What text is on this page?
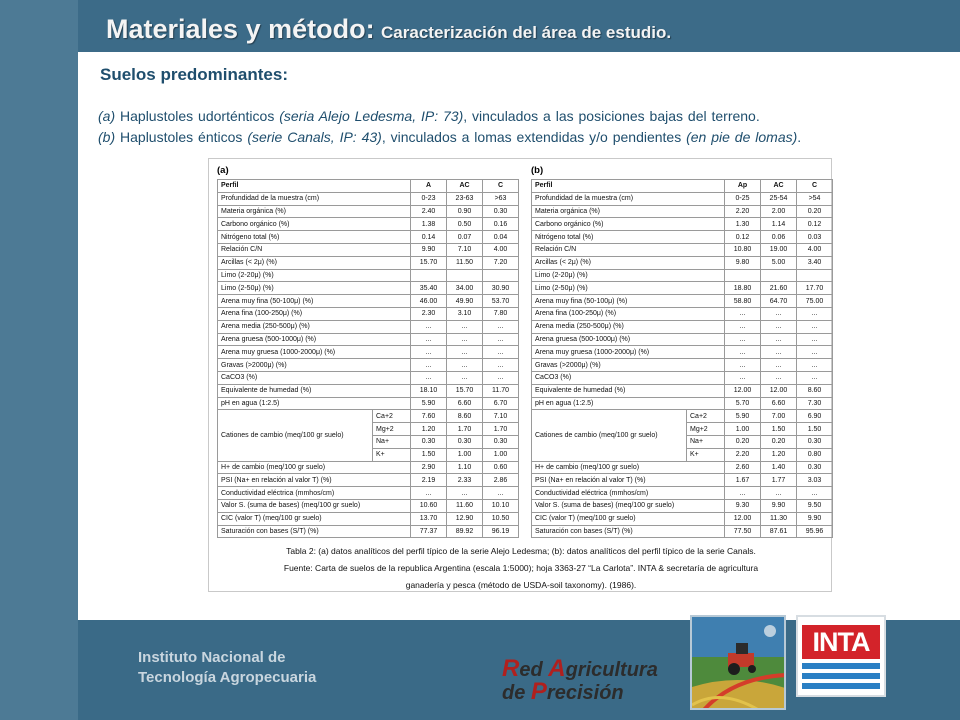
Materiales y método: Caracterización del área de estudio.
Suelos predominantes:
(a) Haplustoles udorténticos (seria Alejo Ledesma, IP: 73), vinculados a las posiciones bajas del terreno.
(b) Haplustoles énticos (serie Canals, IP: 43), vinculados a lomas extendidas y/o pendientes (en pie de lomas).
(a)
Perfil		A	AC	C
Profundidad de la muestra (cm)		0-23	23-63	>63
Materia orgánica (%)		2.40	0.90	0.30
Carbono orgánico (%)		1.38	0.50	0.16
Nitrógeno total (%)		0.14	0.07	0.04
Relación C/N		9.90	7.10	4.00
Arcillas (< 2μ) (%)		15.70	11.50	7.20
Limo (2-20μ) (%)				
Limo (2-50μ) (%)		35.40	34.00	30.90
Arena muy fina (50-100μ) (%)		46.00	49.90	53.70
Arena fina (100-250μ) (%)		2.30	3.10	7.80
Arena media (250-500μ) (%)		...	...	...
Arena gruesa (500-1000μ) (%)		...	...	...
Arena muy gruesa (1000-2000μ) (%)		...	...	...
Gravas (>2000μ) (%)		...	...	...
CaCO3 (%)		...	...	...
Equivalente de humedad (%)		18.10	15.70	11.70
pH en agua (1:2.5)		5.90	6.60	6.70
Cationes de cambio (meq/100 gr suelo)	Ca+2	7.60	8.60	7.10
	Mg+2	1.20	1.70	1.70
	Na+	0.30	0.30	0.30
	K+	1.50	1.00	1.00
H+ de cambio (meq/100 gr suelo)		2.90	1.10	0.60
PSI (Na+ en relación al valor T) (%)		2.19	2.33	2.86
Conductividad eléctrica (mmhos/cm)		...	...	...
Valor S. (suma de bases) (meq/100 gr suelo)		10.60	11.60	10.10
CIC (valor T) (meq/100 gr suelo)		13.70	12.90	10.50
Saturación con bases (S/T) (%)		77.37	89.92	96.19
(b)
Perfil		Ap	AC	C
Profundidad de la muestra (cm)		0-25	25-54	>54
Materia orgánica (%)		2.20	2.00	0.20
Carbono orgánico (%)		1.30	1.14	0.12
Nitrógeno total (%)		0.12	0.06	0.03
Relación C/N		10.80	19.00	4.00
Arcillas (< 2μ) (%)		9.80	5.00	3.40
Limo (2-20μ) (%)				
Limo (2-50μ) (%)		18.80	21.60	17.70
Arena muy fina (50-100μ) (%)		58.80	64.70	75.00
Arena fina (100-250μ) (%)		...	...	...
Arena media (250-500μ) (%)		...	...	...
Arena gruesa (500-1000μ) (%)		...	...	...
Arena muy gruesa (1000-2000μ) (%)		...	...	...
Gravas (>2000μ) (%)		...	...	...
CaCO3 (%)		...	...	...
Equivalente de humedad (%)		12.00	12.00	8.60
pH en agua (1:2.5)		5.70	6.60	7.30
Cationes de cambio (meq/100 gr suelo)	Ca+2	5.90	7.00	6.90
	Mg+2	1.00	1.50	1.50
	Na+	0.20	0.20	0.30
	K+	2.20	1.20	0.80
H+ de cambio (meq/100 gr suelo)		2.60	1.40	0.30
PSI (Na+ en relación al valor T) (%)		1.67	1.77	3.03
Conductividad eléctrica (mmhos/cm)		...	...	...
Valor S. (suma de bases) (meq/100 gr suelo)		9.30	9.90	9.50
CIC (valor T) (meq/100 gr suelo)		12.00	11.30	9.90
Saturación con bases (S/T) (%)		77.50	87.61	95.96
Tabla 2: (a) datos analíticos del perfil típico de la serie Alejo Ledesma; (b): datos analíticos del perfil típico de la serie Canals.
Fuente: Carta de suelos de la republica Argentina (escala 1:5000); hoja 3363-27 “La Carlota”. INTA & secretaría de agricultura
ganadería y pesca (método de USDA-soil taxonomy). (1986).
Instituto Nacional de
Tecnología Agropecuaria	Red Agricultura
de Precisión
INTA
